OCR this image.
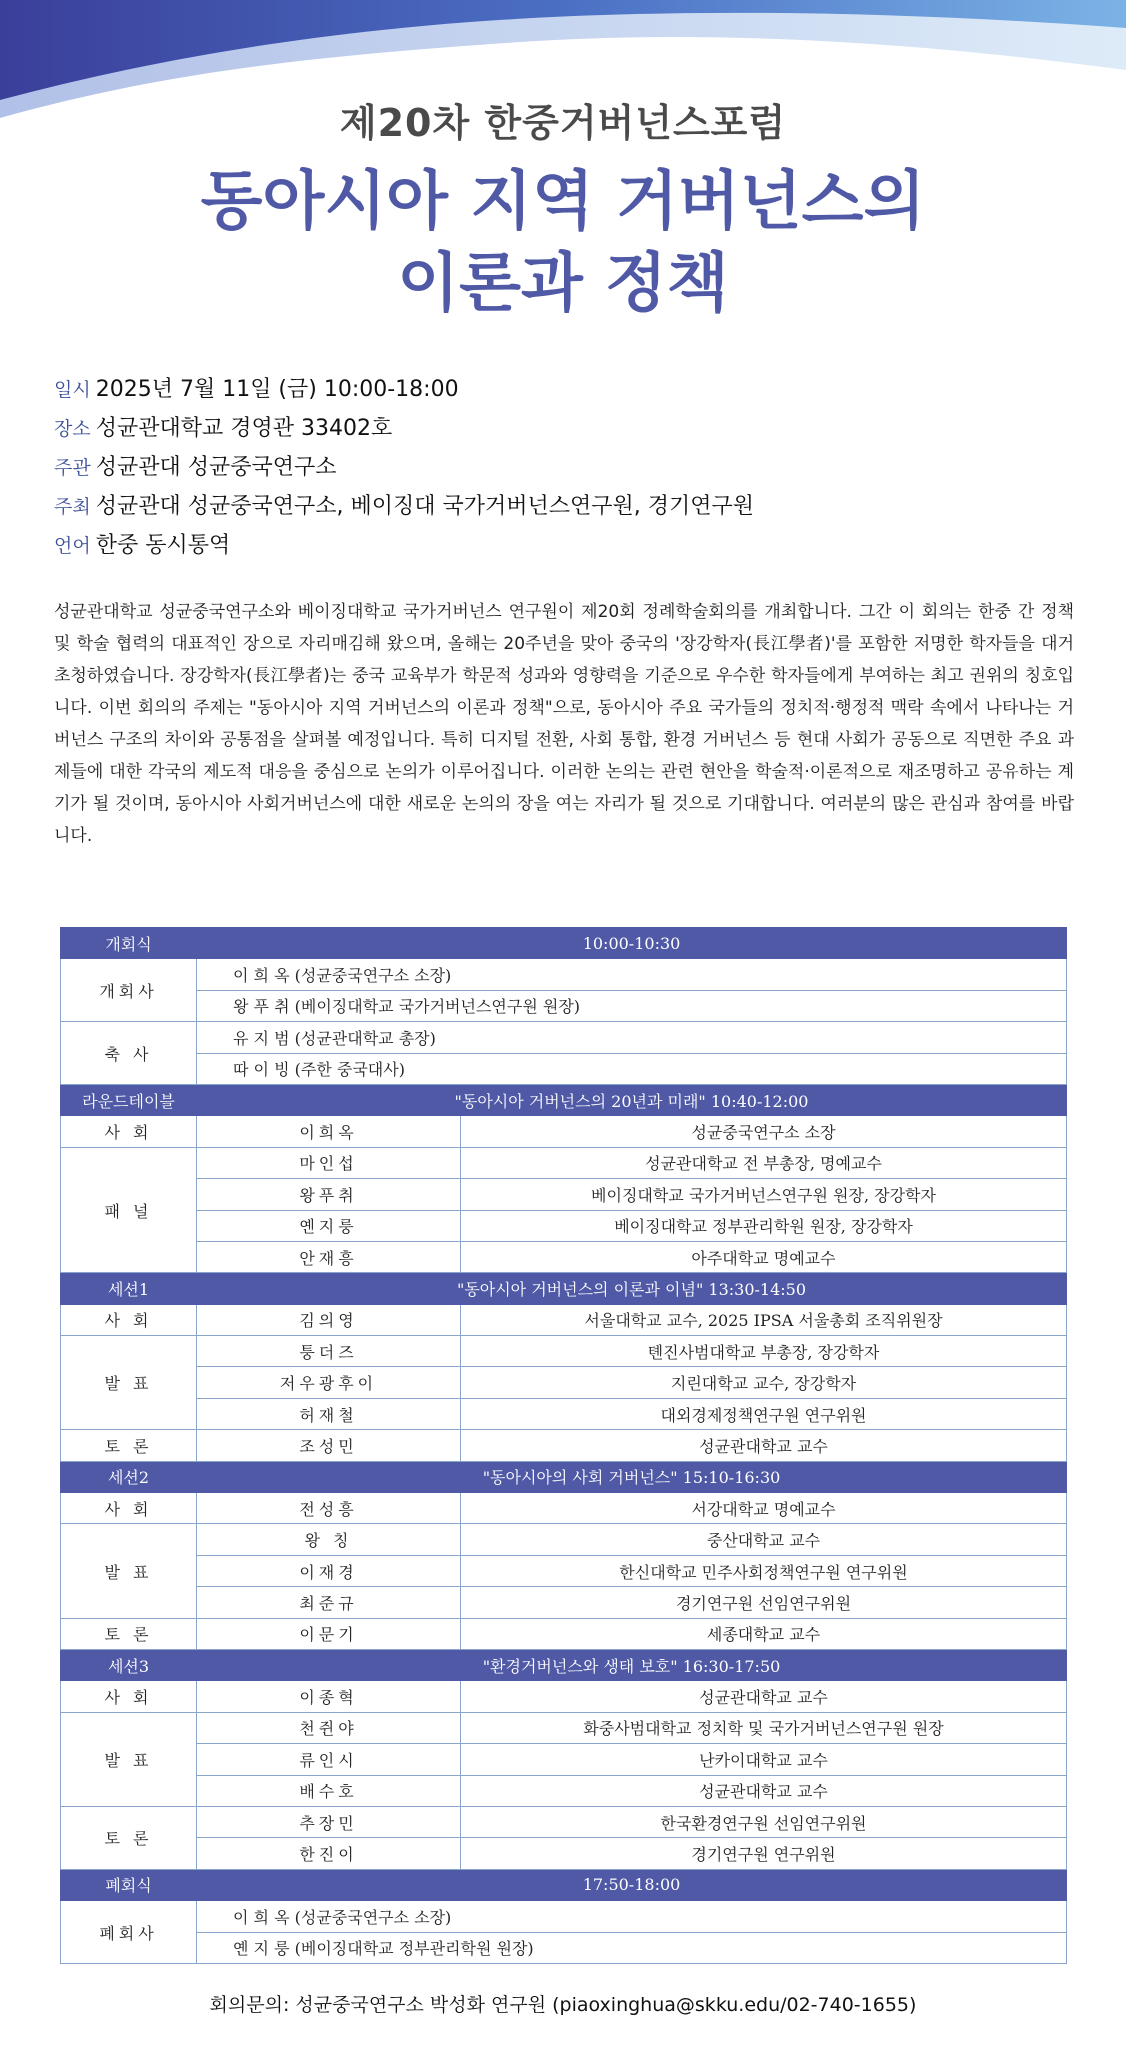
제20차 한중거버넌스포럼
동아시아 지역 거버넌스의
이론과 정책
일시 2025년 7월 11일 (금) 10:00-18:00
장소 성균관대학교 경영관 33402호
주관 성균관대 성균중국연구소
주최 성균관대 성균중국연구소, 베이징대 국가거버넌스연구원, 경기연구원
언어 한중 동시통역
성균관대학교 성균중국연구소와 베이징대학교 국가거버넌스 연구원이 제20회 정례학술회의를 개최합니다. 그간 이 회의는 한중 간 정책 및 학술 협력의 대표적인 장으로 자리매김해 왔으며, 올해는 20주년을 맞아 중국의 '장강학자(長江學者)'를 포함한 저명한 학자들을 대거 초청하였습니다. 장강학자(長江學者)는 중국 교육부가 학문적 성과와 영향력을 기준으로 우수한 학자들에게 부여하는 최고 권위의 칭호입니다. 이번 회의의 주제는 "동아시아 지역 거버넌스의 이론과 정책"으로, 동아시아 주요 국가들의 정치적·행정적 맥락 속에서 나타나는 거버넌스 구조의 차이와 공통점을 살펴볼 예정입니다. 특히 디지털 전환, 사회 통합, 환경 거버넌스 등 현대 사회가 공동으로 직면한 주요 과제들에 대한 각국의 제도적 대응을 중심으로 논의가 이루어집니다. 이러한 논의는 관련 현안을 학술적·이론적으로 재조명하고 공유하는 계기가 될 것이며, 동아시아 사회거버넌스에 대한 새로운 논의의 장을 여는 자리가 될 것으로 기대합니다. 여러분의 많은 관심과 참여를 바랍니다.
개회식	10:00-10:30	
개회사	이 희 옥 (성균중국연구소 소장)	
	왕 푸 취 (베이징대학교 국가거버넌스연구원 원장)	
축 사	유 지 범 (성균관대학교 총장)	
	따 이 빙 (주한 중국대사)	
라운드테이블	"동아시아 거버넌스의 20년과 미래" 10:40-12:00	
사 회	이희옥	성균중국연구소 소장
패 널	마인섭	성균관대학교 전 부총장, 명예교수
	왕푸취	베이징대학교 국가거버넌스연구원 원장, 장강학자
	옌지룽	베이징대학교 정부관리학원 원장, 장강학자
	안재흥	아주대학교 명예교수
세션1	"동아시아 거버넌스의 이론과 이념" 13:30-14:50	
사 회	김의영	서울대학교 교수, 2025 IPSA 서울총회 조직위원장
발 표	퉁더즈	톈진사범대학교 부총장, 장강학자
	저우광후이	지린대학교 교수, 장강학자
	허재철	대외경제정책연구원 연구위원
토 론	조성민	성균관대학교 교수
세션2	"동아시아의 사회 거버넌스" 15:10-16:30	
사 회	전성흥	서강대학교 명예교수
발 표	왕 칭	중산대학교 교수
	이재경	한신대학교 민주사회정책연구원 연구위원
	최준규	경기연구원 선임연구위원
토 론	이문기	세종대학교 교수
세션3	"환경거버넌스와 생태 보호" 16:30-17:50	
사 회	이종혁	성균관대학교 교수
발 표	천쥔야	화중사범대학교 정치학 및 국가거버넌스연구원 원장
	류인시	난카이대학교 교수
	배수호	성균관대학교 교수
토 론	추장민	한국환경연구원 선임연구위원
	한진이	경기연구원 연구위원
폐회식	17:50-18:00	
폐회사	이 희 옥 (성균중국연구소 소장)	
	옌 지 룽 (베이징대학교 정부관리학원 원장)	
회의문의: 성균중국연구소 박성화 연구원 (piaoxinghua@skku.edu/02-740-1655)
